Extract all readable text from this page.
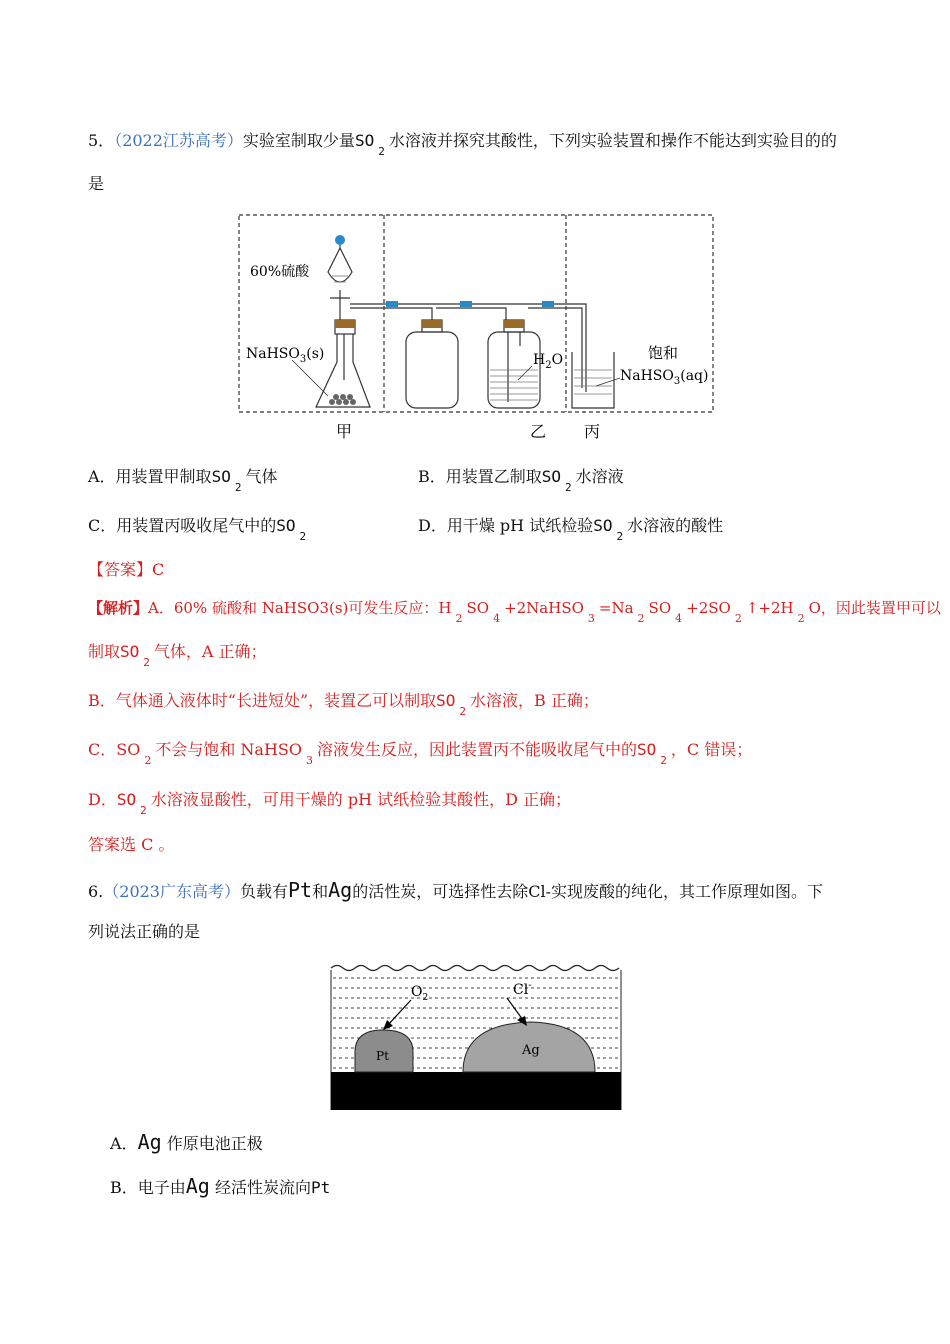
5．（2022江苏高考）实验室制取少量$SO_2$水溶液并探究其酸性，下列实验装置和操作不能达到实验目的的
是
60%硫酸
NaHSO$_3$(s)	$H_2O$	饱和
NaHSO$_3$(aq)
甲	乙 丙
A．用装置甲制取$SO_2$气体	B．用装置乙制取$SO_2$水溶液
C．用装置丙吸收尾气中的$SO_2$
D．用干燥 pH 试纸检验$SO_2$水溶液的酸性
【答案】C
【解析】A．60% 硫酸和 NaHSO3(s)可发生反应：$H_2SO_4+2NaHSO_3=Na_2SO_4+2SO_2↑+2H_2O$，因此装置甲可以
制取$SO_2$气体，A 正确；
B．气体通入液体时“长进短处”，装置乙可以制取$SO_2$水溶液，B 正确；
C．$SO_2$不会与饱和 NaHSO$_3$溶液发生反应，因此装置丙不能吸收尾气中的$SO_2$，C 错误；
D．$SO_2$水溶液显酸性，可用干燥的 pH 试纸检验其酸性，D 正确；
答案选 C 。
6.（2023广东高考）负载有Pt和Ag的活性炭，可选择性去除Cl-实现废酸的纯化，其工作原理如图。下
列说法正确的是
$O_2$	Cl-
Pt	Ag
A．Ag 作原电池正极
B．电子由Ag 经活性炭流向Pt
